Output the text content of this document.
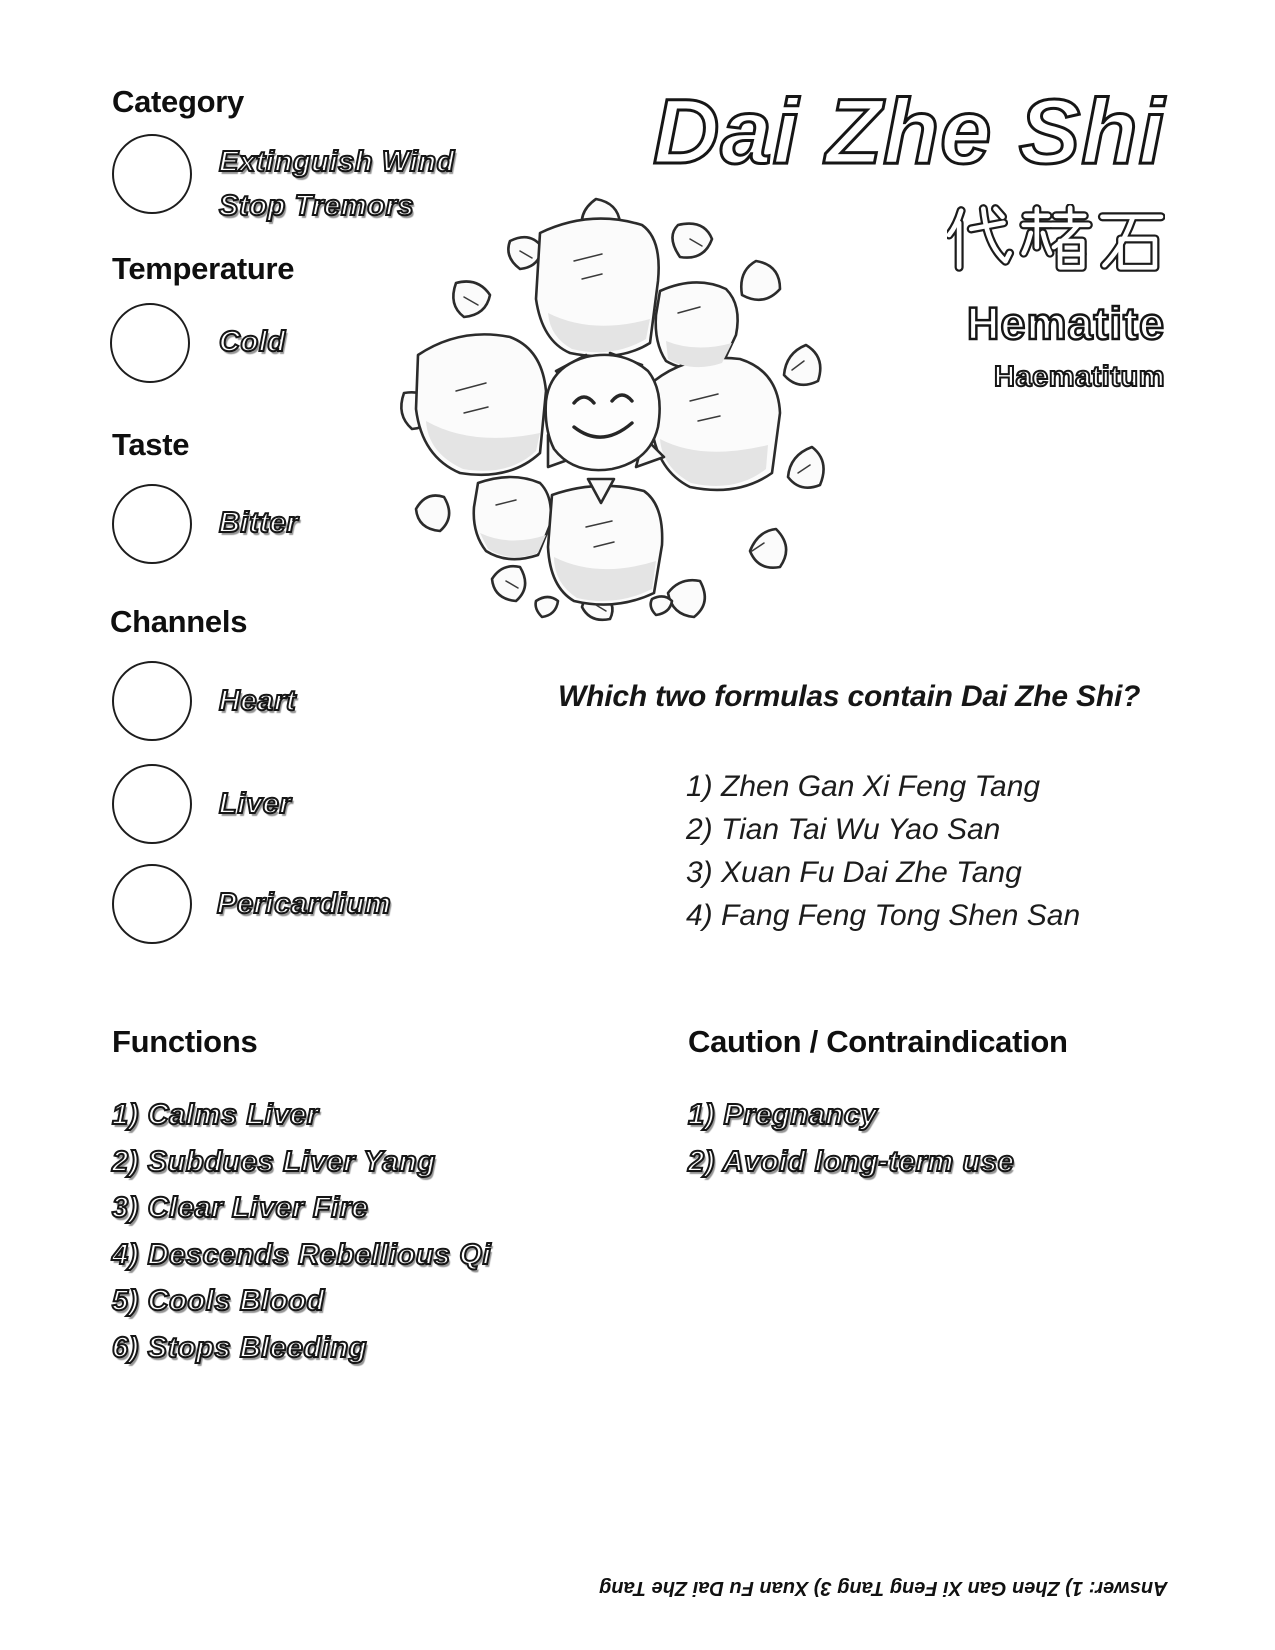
Category
Extinguish Wind
Stop Tremors
Temperature
Cold
Taste
Bitter
Channels
Heart
Liver
Pericardium
Functions
1) Calms Liver
2) Subdues Liver Yang
3) Clear Liver Fire
4) Descends Rebellious Qi
5) Cools Blood
6) Stops Bleeding
Dai Zhe Shi
Hematite
Haematitum
Which two formulas contain Dai Zhe Shi?
1) Zhen Gan Xi Feng Tang
2) Tian Tai Wu Yao San
3) Xuan Fu Dai Zhe Tang
4) Fang Feng Tong Shen San
Caution / Contraindication
1) Pregnancy
2) Avoid long-term use
Answer: 1) Zhen Gan Xi Feng Tang 3) Xuan Fu Dai Zhe Tang
